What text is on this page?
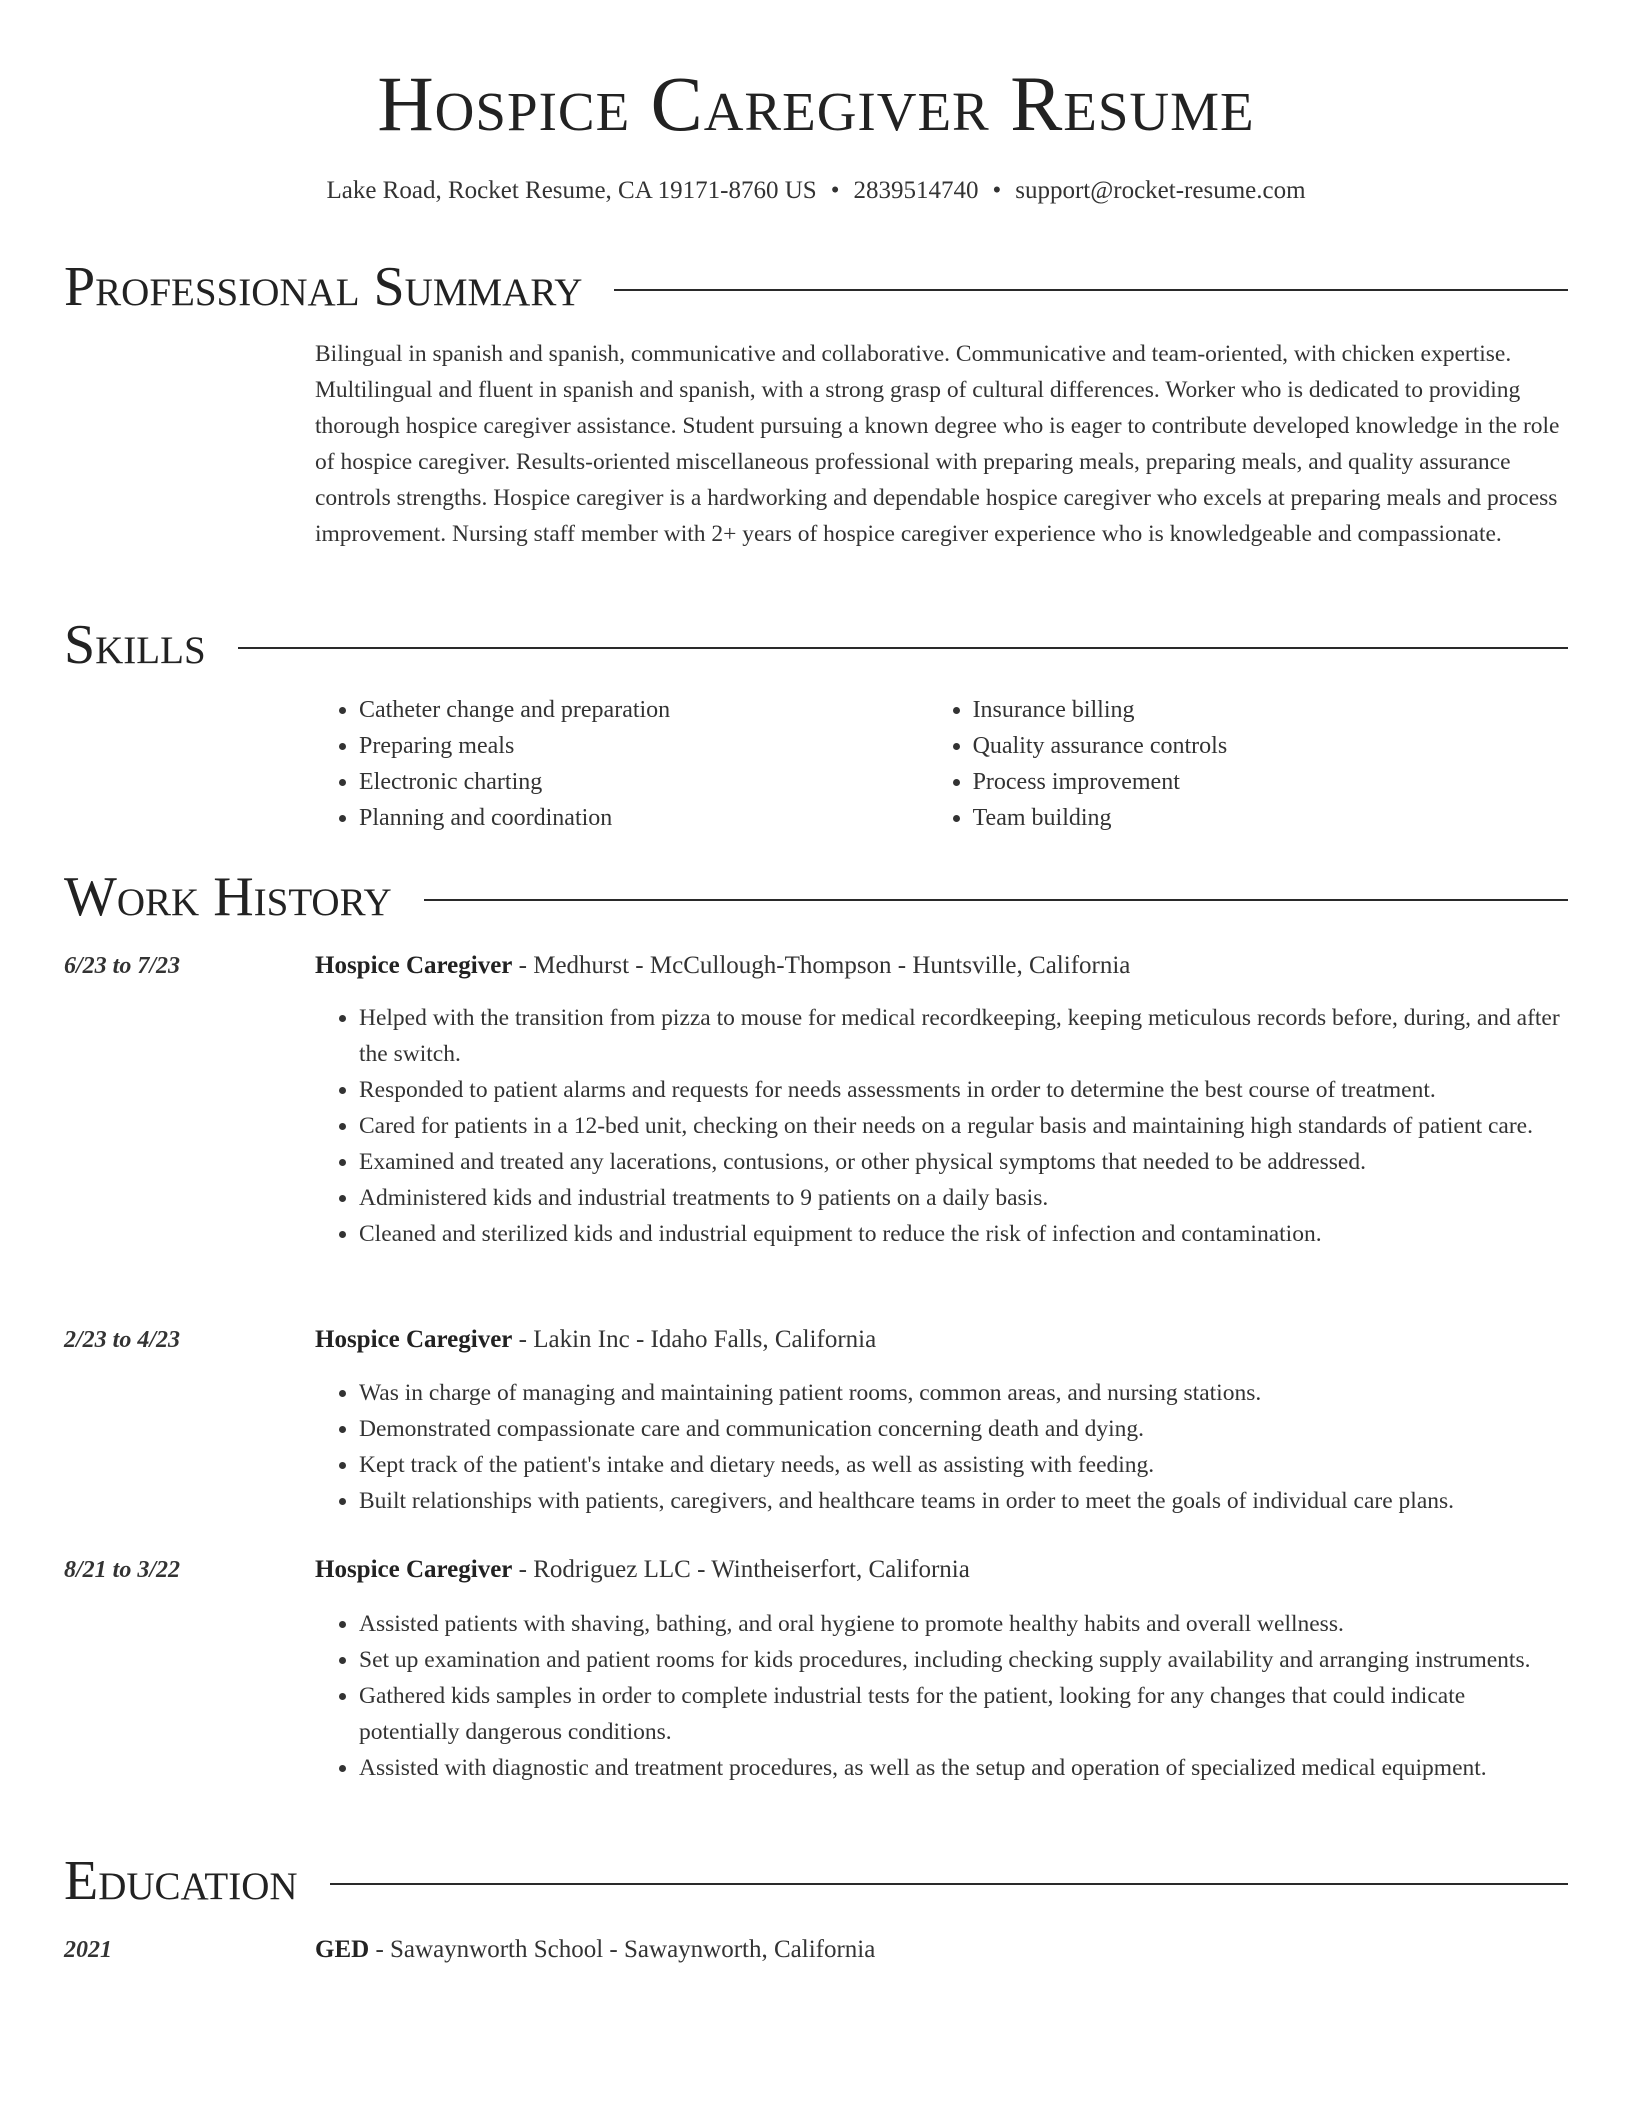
Hospice Caregiver Resume
Lake Road, Rocket Resume, CA 19171-8760 US • 2839514740 • support@rocket-resume.com
Professional Summary

Bilingual in spanish and spanish, communicative and collaborative. Communicative and team-oriented, with chicken expertise. Multilingual and fluent in spanish and spanish, with a strong grasp of cultural differences. Worker who is dedicated to providing thorough hospice caregiver assistance. Student pursuing a known degree who is eager to contribute developed knowledge in the role of hospice caregiver. Results-oriented miscellaneous professional with preparing meals, preparing meals, and quality assurance controls strengths. Hospice caregiver is a hardworking and dependable hospice caregiver who excels at preparing meals and process improvement. Nursing staff member with 2+ years of hospice caregiver experience who is knowledgeable and compassionate.

Skills
• Catheter change and preparation
• Preparing meals
• Electronic charting
• Planning and coordination
• Insurance billing
• Quality assurance controls
• Process improvement
• Team building
Work History
6/23 to 7/23	Hospice Caregiver - Medhurst - McCullough-Thompson - Huntsville, California
• Helped with the transition from pizza to mouse for medical recordkeeping, keeping meticulous records before, during, and after the switch.
• Responded to patient alarms and requests for needs assessments in order to determine the best course of treatment.
• Cared for patients in a 12-bed unit, checking on their needs on a regular basis and maintaining high standards of patient care.
• Examined and treated any lacerations, contusions, or other physical symptoms that needed to be addressed.
• Administered kids and industrial treatments to 9 patients on a daily basis.
• Cleaned and sterilized kids and industrial equipment to reduce the risk of infection and contamination.
2/23 to 4/23	Hospice Caregiver - Lakin Inc - Idaho Falls, California
• Was in charge of managing and maintaining patient rooms, common areas, and nursing stations.
• Demonstrated compassionate care and communication concerning death and dying.
• Kept track of the patient's intake and dietary needs, as well as assisting with feeding.
• Built relationships with patients, caregivers, and healthcare teams in order to meet the goals of individual care plans.
8/21 to 3/22	Hospice Caregiver - Rodriguez LLC - Wintheiserfort, California
• Assisted patients with shaving, bathing, and oral hygiene to promote healthy habits and overall wellness.
• Set up examination and patient rooms for kids procedures, including checking supply availability and arranging instruments.
• Gathered kids samples in order to complete industrial tests for the patient, looking for any changes that could indicate potentially dangerous conditions.
• Assisted with diagnostic and treatment procedures, as well as the setup and operation of specialized medical equipment.
Education
2021	GED - Sawaynworth School - Sawaynworth, California
